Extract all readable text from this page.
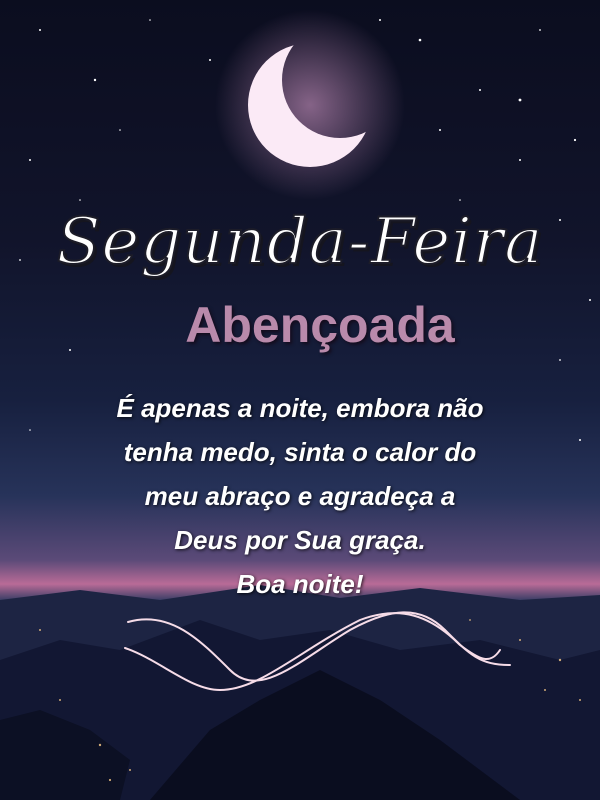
Segunda-Feira
Abençoada
É apenas a noite, embora não
tenha medo, sinta o calor do
meu abraço e agradeça a
Deus por Sua graça.
Boa noite!
